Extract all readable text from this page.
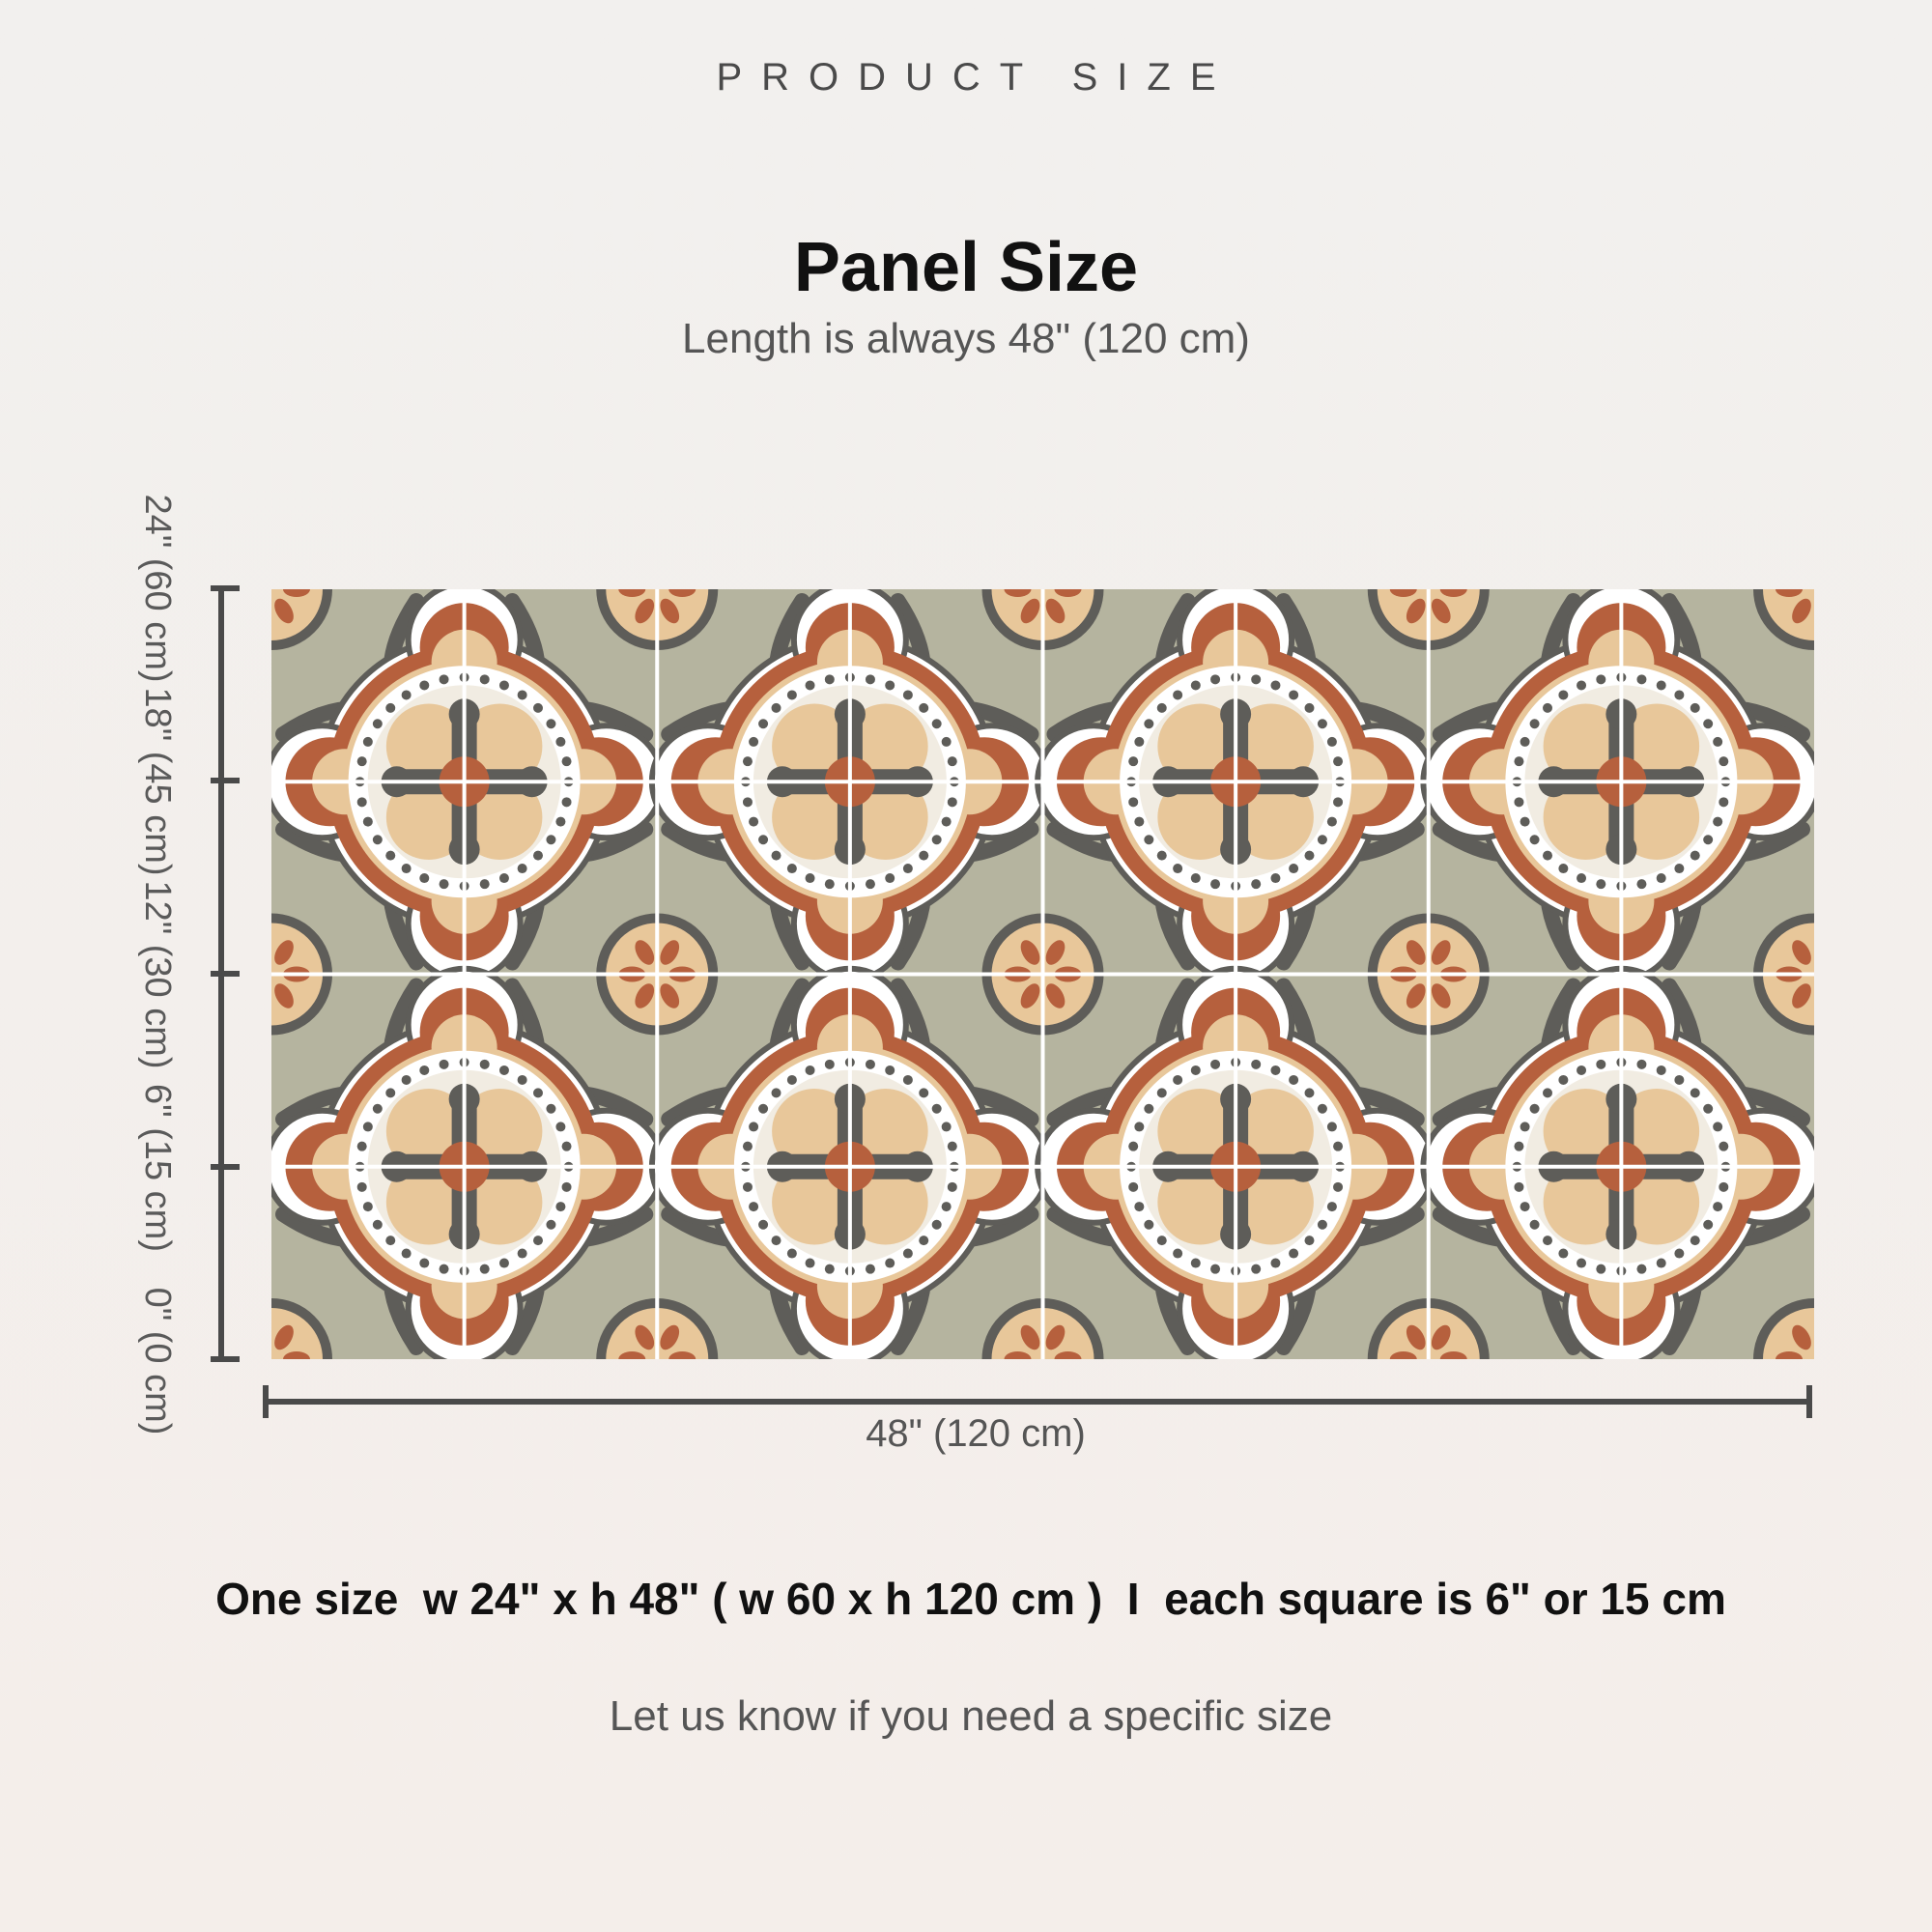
PRODUCT SIZE
Panel Size
Length is always 48" (120 cm)
24" (60 cm)
18" (45 cm)
12" (30 cm)
6" (15 cm)
0" (0 cm)	48" (120 cm)
One size  w 24" x h 48" ( w 60 x h 120 cm )  I  each square is 6" or 15 cm
Let us know if you need a specific size
